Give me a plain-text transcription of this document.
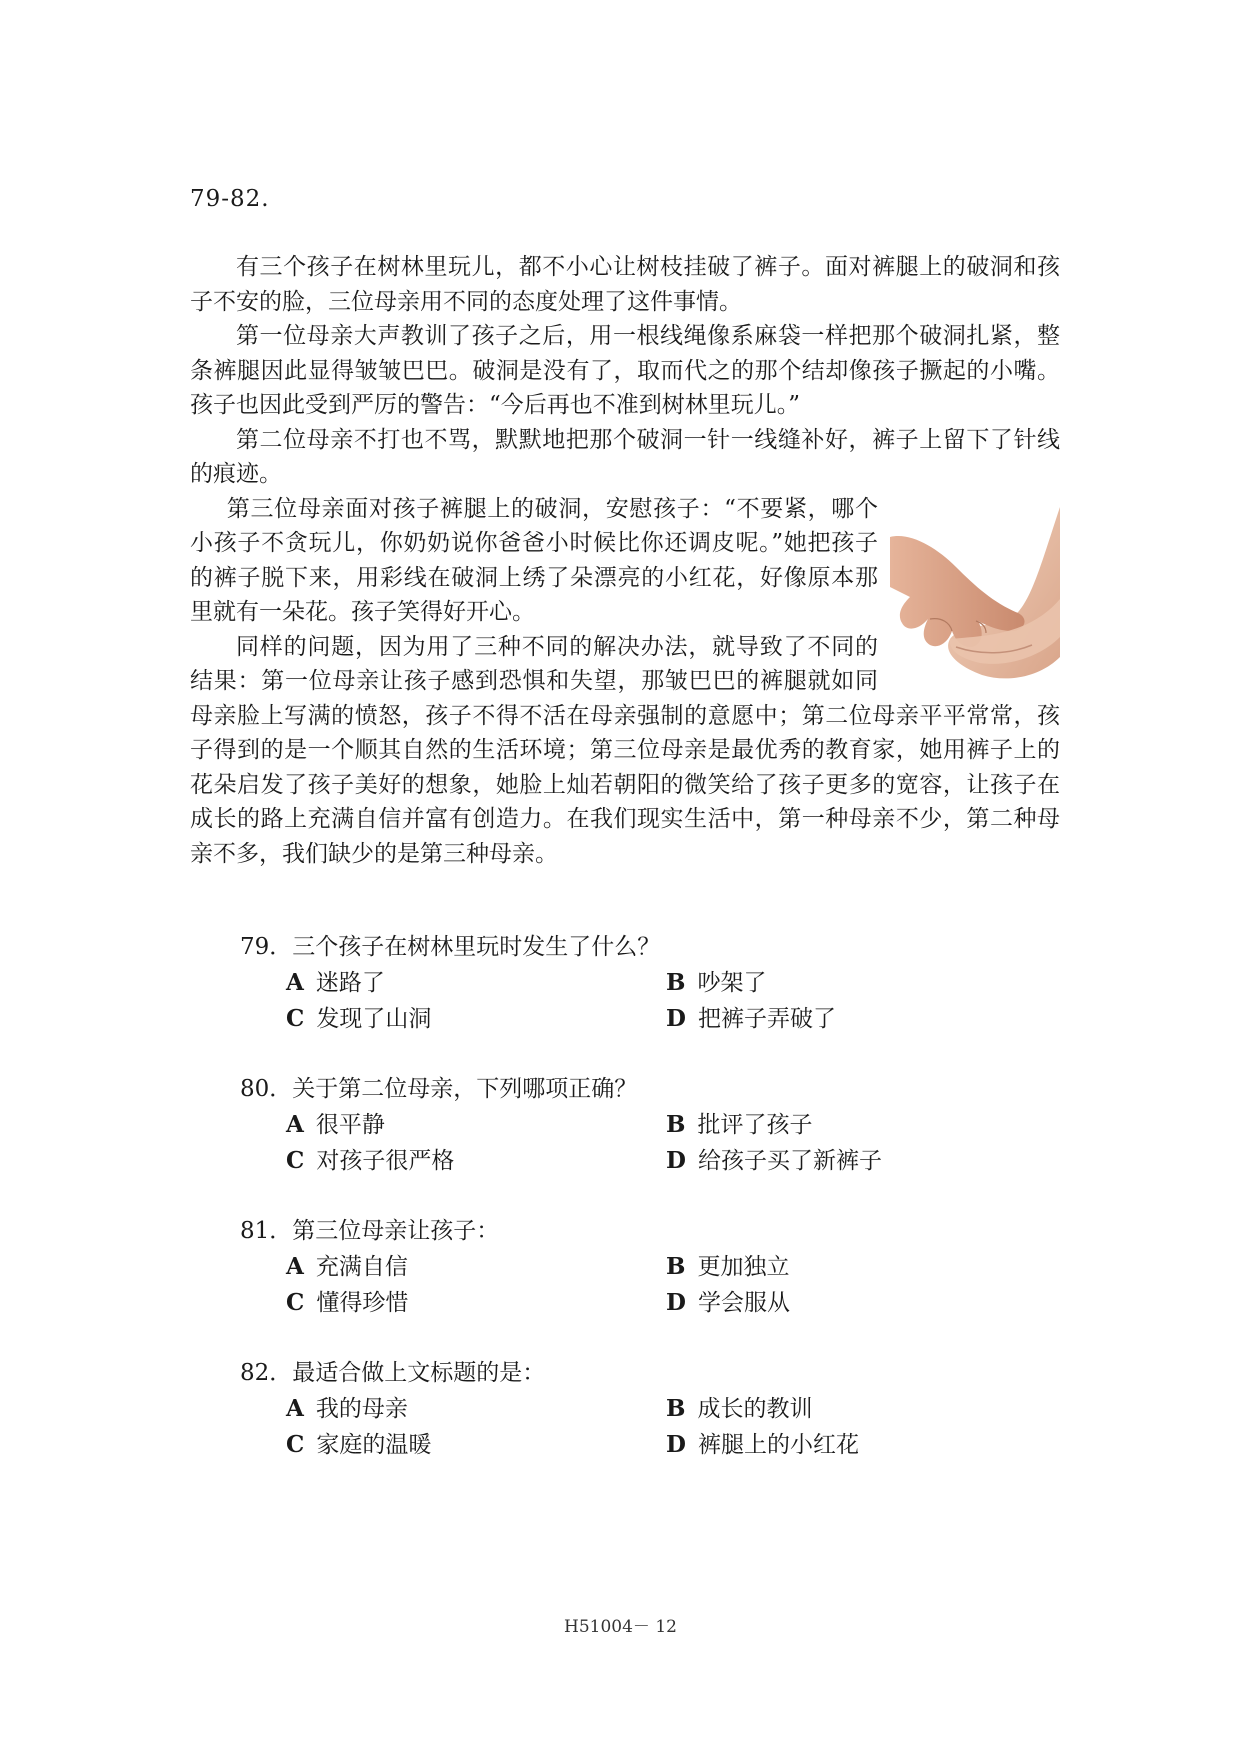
79-82.

有三个孩子在树林里玩儿，都不小心让树枝挂破了裤子。面对裤腿上的破洞和孩子不安的脸，三位母亲用不同的态度处理了这件事情。

第一位母亲大声教训了孩子之后，用一根线绳像系麻袋一样把那个破洞扎紧，整条裤腿因此显得皱皱巴巴。破洞是没有了，取而代之的那个结却像孩子撅起的小嘴。孩子也因此受到严厉的警告：“今后再也不准到树林里玩儿。”

第二位母亲不打也不骂，默默地把那个破洞一针一线缝补好，裤子上留下了针线的痕迹。

第三位母亲面对孩子裤腿上的破洞，安慰孩子：“不要紧，哪个小孩子不贪玩儿，你奶奶说你爸爸小时候比你还调皮呢。”她把孩子的裤子脱下来，用彩线在破洞上绣了朵漂亮的小红花，好像原本那里就有一朵花。孩子笑得好开心。

同样的问题，因为用了三种不同的解决办法，就导致了不同的结果：第一位母亲让孩子感到恐惧和失望，那皱巴巴的裤腿就如同母亲脸上写满的愤怒，孩子不得不活在母亲强制的意愿中；第二位母亲平平常常，孩子得到的是一个顺其自然的生活环境；第三位母亲是最优秀的教育家，她用裤子上的花朵启发了孩子美好的想象，她脸上灿若朝阳的微笑给了孩子更多的宽容，让孩子在成长的路上充满自信并富有创造力。在我们现实生活中，第一种母亲不少，第二种母亲不多，我们缺少的是第三种母亲。

79．三个孩子在树林里玩时发生了什么？
A 迷路了	B 吵架了
C 发现了山洞	D 把裤子弄破了
80．关于第二位母亲，下列哪项正确？
A 很平静	B 批评了孩子
C 对孩子很严格	D 给孩子买了新裤子
81．第三位母亲让孩子：
A 充满自信	B 更加独立
C 懂得珍惜	D 学会服从
82．最适合做上文标题的是：
A 我的母亲	B 成长的教训
C 家庭的温暖	D 裤腿上的小红花
H51004－ 12
